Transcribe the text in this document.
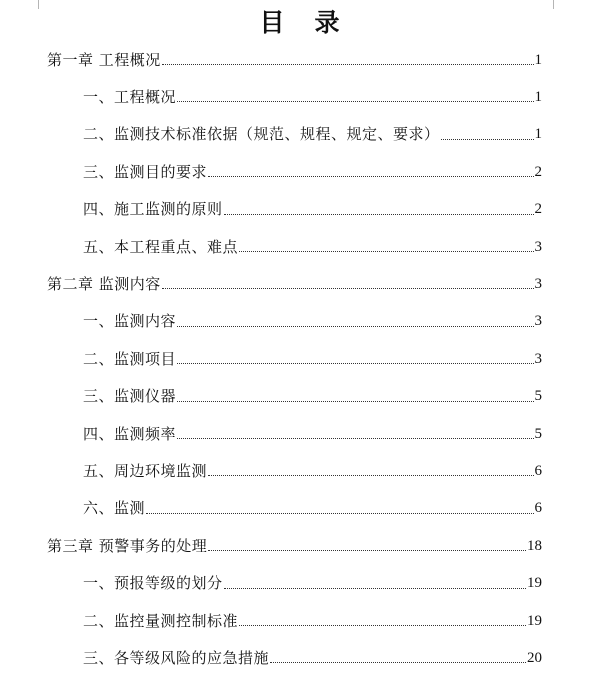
目录
第一章 工程概况	1
一、工程概况	1
二、监测技术标准依据（规范、规程、规定、要求）	1
三、监测目的要求	2
四、施工监测的原则	2
五、本工程重点、难点	3
第二章 监测内容	3
一、监测内容	3
二、监测项目	3
三、监测仪器	5
四、监测频率	5
五、周边环境监测	6
六、监测	6
第三章 预警事务的处理	18
一、预报等级的划分	19
二、监控量测控制标准	19
三、各等级风险的应急措施	20
